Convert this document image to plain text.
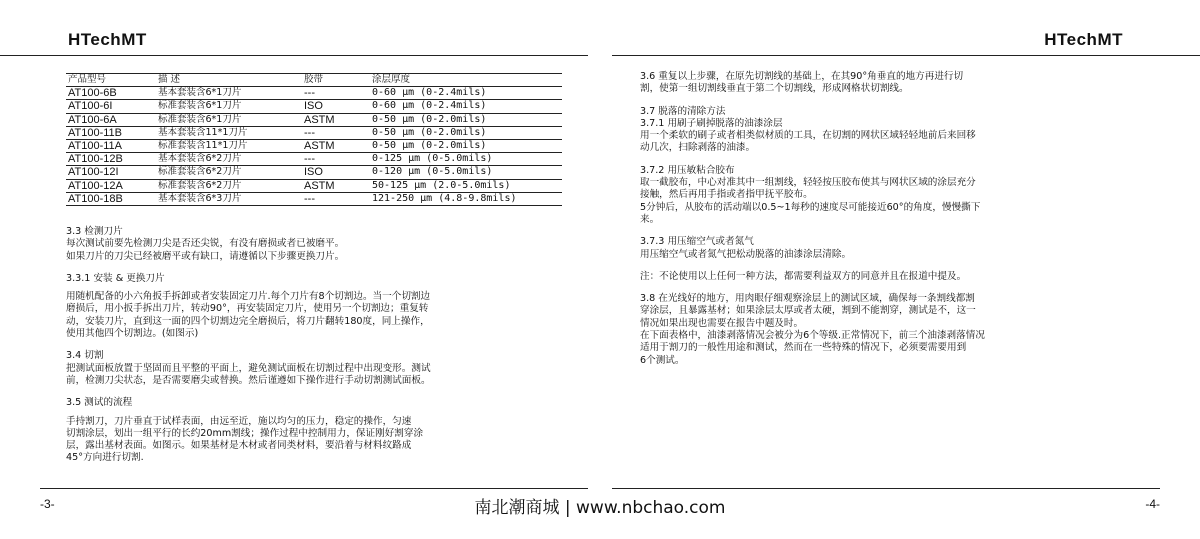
HTechMT	HTechMT
产品型号	描 述	胶带	涂层厚度
AT100-6B	基本套装含6*1刀片	---	0-60 μm (0-2.4mils)
AT100-6I	标准套装含6*1刀片	ISO	0-60 μm (0-2.4mils)
AT100-6A	标准套装含6*1刀片	ASTM	0-50 μm (0-2.0mils)
AT100-11B	基本套装含11*1刀片	---	0-50 μm (0-2.0mils)
AT100-11A	标准套装含11*1刀片	ASTM	0-50 μm (0-2.0mils)
AT100-12B	基本套装含6*2刀片	---	0-125 μm (0-5.0mils)
AT100-12I	标准套装含6*2刀片	ISO	0-120 μm (0-5.0mils)
AT100-12A	标准套装含6*2刀片	ASTM	50-125 μm (2.0-5.0mils)
AT100-18B	基本套装含6*3刀片	---	121-250 μm (4.8-9.8mils)

3.3 检测刀片

每次测试前要先检测刀尖是否还尖锐，有没有磨损或者已被磨平。

如果刀片的刀尖已经被磨平或有缺口，请遵循以下步骤更换刀片。

3.3.1 安装 & 更换刀片

用随机配备的小六角扳手拆卸或者安装固定刀片.每个刀片有8个切割边。当一个切割边

磨损后，用小扳手拆出刀片，转动90°，再安装固定刀片，使用另一个切割边；重复转

动，安装刀片，直到这一面的四个切割边完全磨损后，将刀片翻转180度，同上操作，

使用其他四个切割边。(如图示)

3.4 切割

把测试面板放置于坚固而且平整的平面上，避免测试面板在切割过程中出现变形。测试

前，检测刀尖状态，是否需要磨尖或替换。然后谨遵如下操作进行手动切割测试面板。

3.5 测试的流程

手持割刀，刀片垂直于试样表面，由远至近，施以均匀的压力，稳定的操作，匀速

切割涂层，划出一组平行的长约20mm割线；操作过程中控制用力，保证刚好割穿涂

层，露出基材表面。如图示。如果基材是木材或者同类材料，要沿着与材料纹路成

45°方向进行切割.

3.6 重复以上步骤，在原先切割线的基础上，在其90°角垂直的地方再进行切

割，使第一组切割线垂直于第二个切割线，形成网格状切割线。

3.7 脱落的清除方法

3.7.1 用刷子刷掉脱落的油漆涂层

用一个柔软的刷子或者相类似材质的工具，在切割的网状区域轻轻地前后来回移

动几次，扫除剥落的油漆。

3.7.2 用压敏粘合胶布

取一截胶布，中心对准其中一组割线，轻轻按压胶布使其与网状区域的涂层充分

接触，然后再用手指或者指甲抚平胶布。

5分钟后，从胶布的活动端以0.5~1每秒的速度尽可能接近60°的角度，慢慢撕下

来。

3.7.3 用压缩空气或者氮气

用压缩空气或者氮气把松动脱落的油漆涂层清除。

注：不论使用以上任何一种方法，都需要利益双方的同意并且在报道中提及。

3.8 在光线好的地方，用肉眼仔细观察涂层上的测试区域，确保每一条割线都割

穿涂层，且暴露基材；如果涂层太厚或者太硬，割到不能割穿，测试是不，这一

情况如果出现也需要在报告中题及时。

在下面表格中，油漆剥落情况会被分为6个等级.正常情况下，前三个油漆剥落情况

适用于割刀的一般性用途和测试，然而在一些特殊的情况下，必须要需要用到

6个测试。

-3-	-4-
南北潮商城 | www.nbchao.com
